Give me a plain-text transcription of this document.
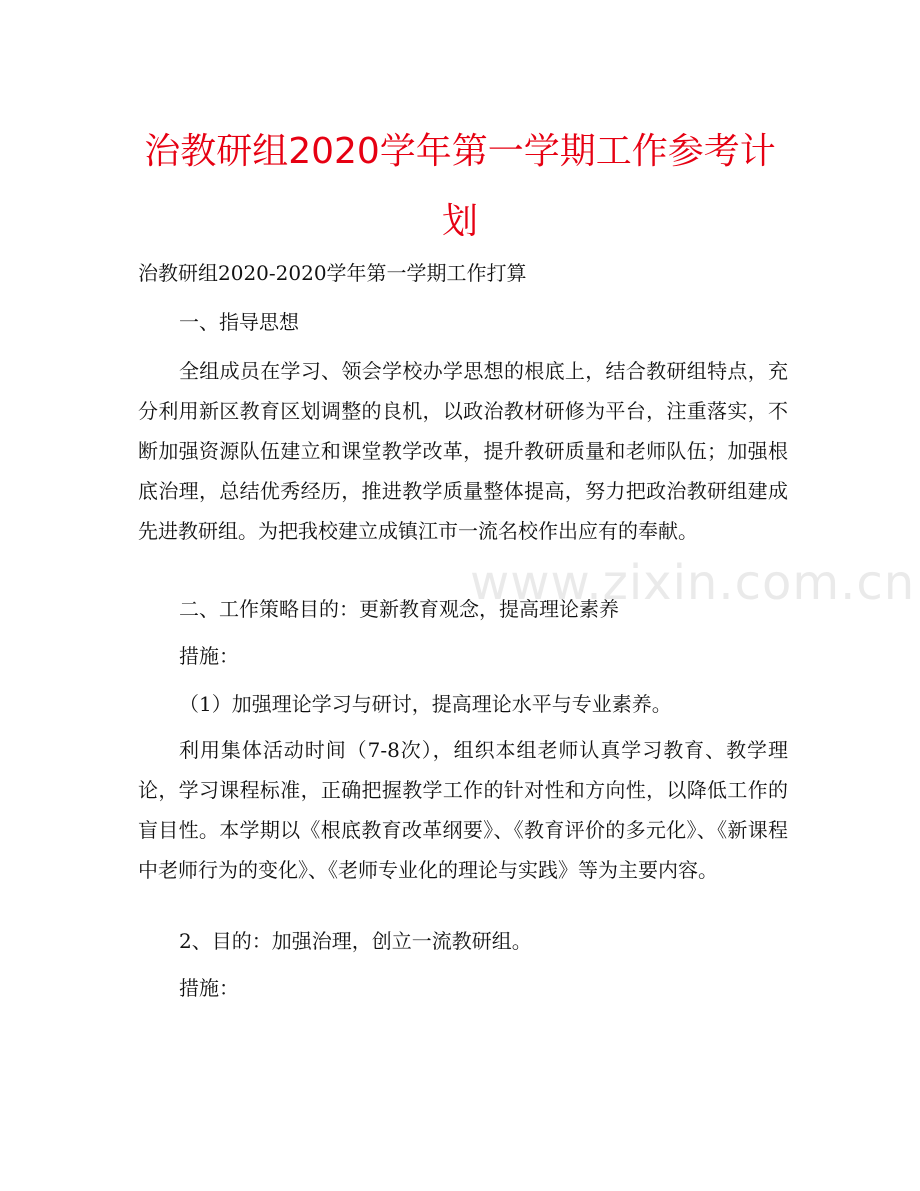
治教研组2020学年第一学期工作参考计
划

治教研组2020-2020学年第一学期工作打算

一、指导思想

全组成员在学习、领会学校办学思想的根底上，结合教研组特点，充分利用新区教育区划调整的良机，以政治教材研修为平台，注重落实，不断加强资源队伍建立和课堂教学改革，提升教研质量和老师队伍；加强根底治理，总结优秀经历，推进教学质量整体提高，努力把政治教研组建成先进教研组。为把我校建立成镇江市一流名校作出应有的奉献。

二、工作策略目的：更新教育观念，提高理论素养

措施：

（1）加强理论学习与研讨，提高理论水平与专业素养。

利用集体活动时间（7-8次），组织本组老师认真学习教育、教学理论，学习课程标准，正确把握教学工作的针对性和方向性，以降低工作的盲目性。本学期以《根底教育改革纲要》、《教育评价的多元化》、《新课程中老师行为的变化》、《老师专业化的理论与实践》等为主要内容。

2、目的：加强治理，创立一流教研组。

措施：

www.zixin.com.cn
